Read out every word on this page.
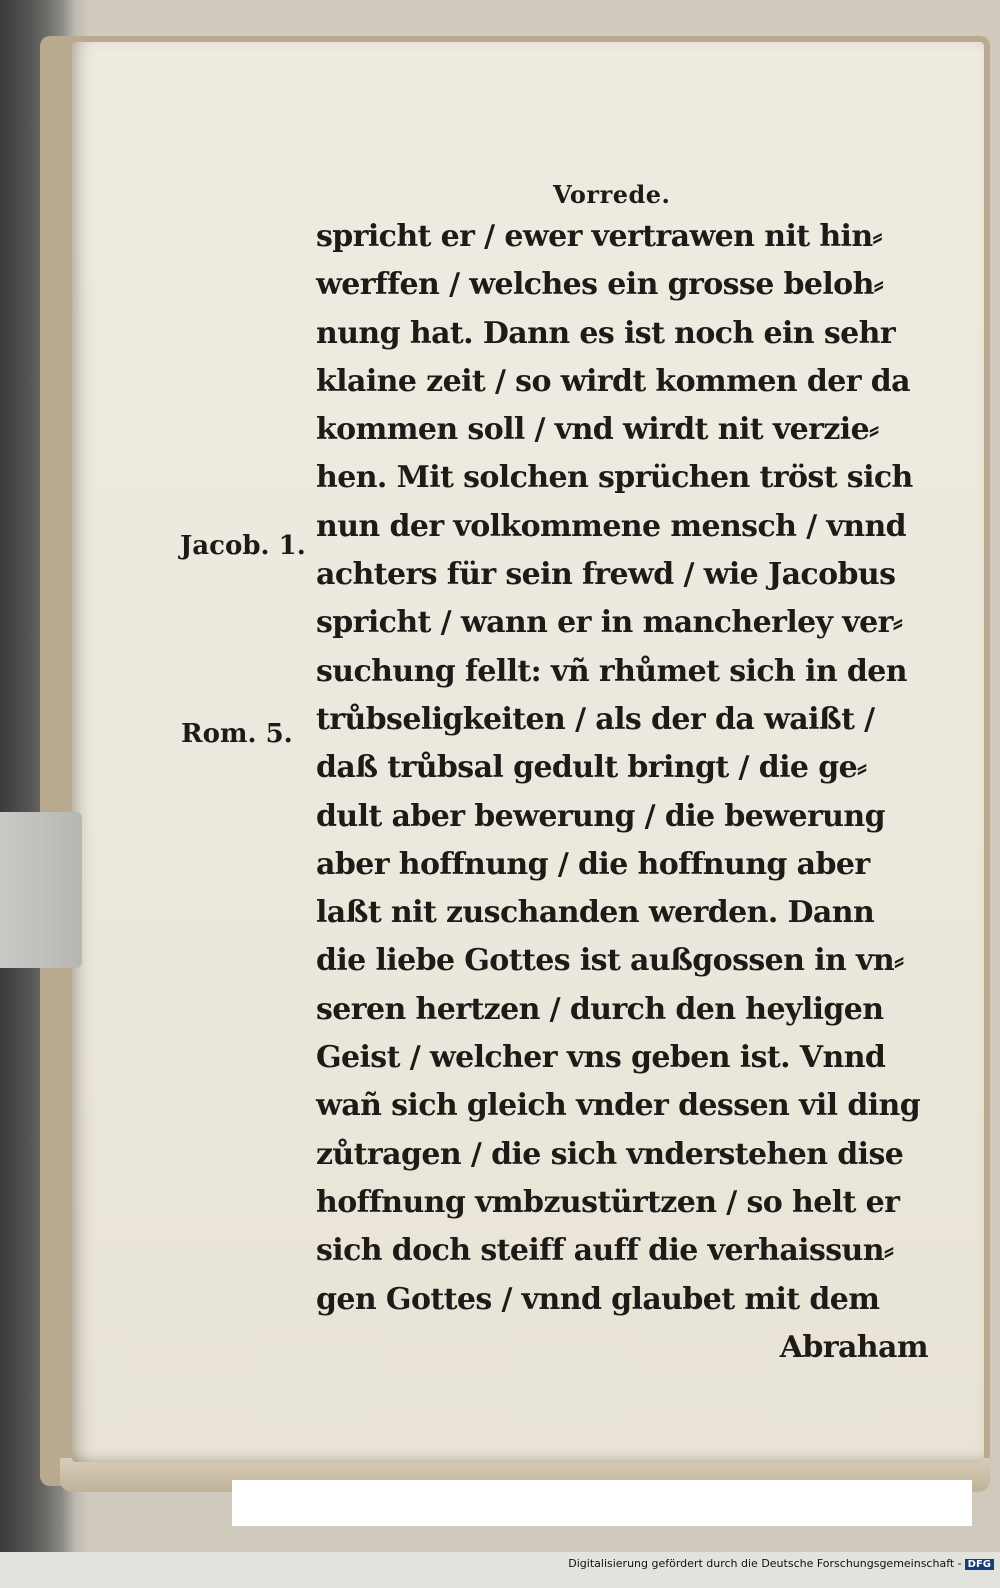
Vorrede.
Jacob. 1.
Rom. 5.
spricht er / ewer vertrawen nit hin⸗
werffen / welches ein grosse beloh⸗
nung hat. Dann es ist noch ein sehr
klaine zeit / so wirdt kommen der da
kommen soll / vnd wirdt nit verzie⸗
hen. Mit solchen sprüchen tröst sich
nun der volkommene mensch / vnnd
achters für sein frewd / wie Jacobus
spricht / wann er in mancherley ver⸗
suchung fellt: vñ rhůmet sich in den
trůbseligkeiten / als der da waißt /
daß trůbsal gedult bringt / die ge⸗
dult aber bewerung / die bewerung
aber hoffnung / die hoffnung aber
laßt nit zuschanden werden. Dann
die liebe Gottes ist außgossen in vn⸗
seren hertzen / durch den heyligen
Geist / welcher vns geben ist. Vnnd
wañ sich gleich vnder dessen vil ding
zůtragen / die sich vnderstehen dise
hoffnung vmbzustürtzen / so helt er
sich doch steiff auff die verhaissun⸗
gen Gottes / vnnd glaubet mit dem
Abraham
Digitalisierung gefördert durch die Deutsche Forschungsgemeinschaft - DFG
